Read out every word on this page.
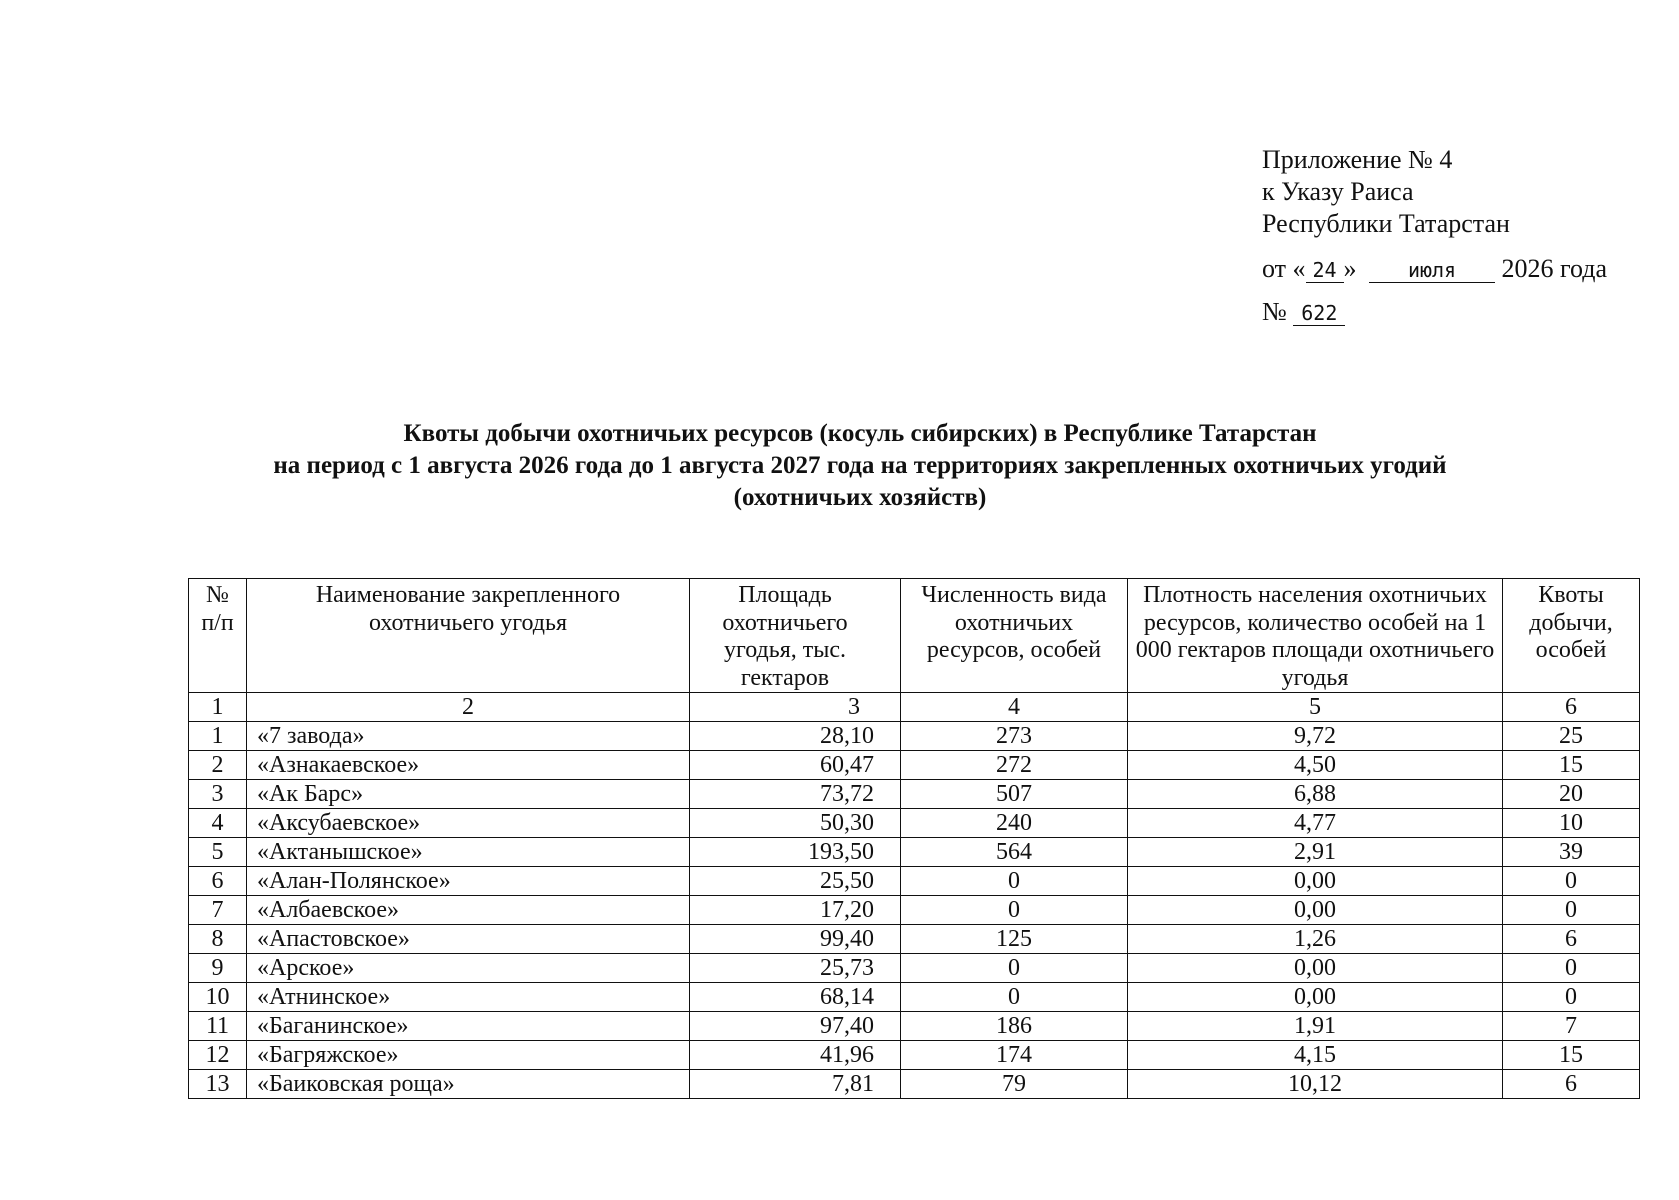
Приложение № 4
к Указу Раиса
Республики Татарстан
от « 24 »	июля 2026 года
№ 622
Квоты добычи охотничьих ресурсов (косуль сибирских) в Республике Татарстан
на период с 1 августа 2026 года до 1 августа 2027 года на территориях закрепленных охотничьих угодий
(охотничьих хозяйств)
№ п/п	Наименование закрепленного охотничьего угодья	Площадь охотничьего угодья, тыс. гектаров	Численность вида охотничьих ресурсов, особей	Плотность населения охотничьих ресурсов, количество особей на 1 000 гектаров площади охотничьего угодья	Квоты добычи, особей
1	2	3	4	5	6
1	«7 завода»	28,10	273	9,72	25
2	«Азнакаевское»	60,47	272	4,50	15
3	«Ак Барс»	73,72	507	6,88	20
4	«Аксубаевское»	50,30	240	4,77	10
5	«Актанышское»	193,50	564	2,91	39
6	«Алан-Полянское»	25,50	0	0,00	0
7	«Албаевское»	17,20	0	0,00	0
8	«Апастовское»	99,40	125	1,26	6
9	«Арское»	25,73	0	0,00	0
10	«Атнинское»	68,14	0	0,00	0
11	«Баганинское»	97,40	186	1,91	7
12	«Багряжское»	41,96	174	4,15	15
13	«Баиковская роща»	7,81	79	10,12	6
